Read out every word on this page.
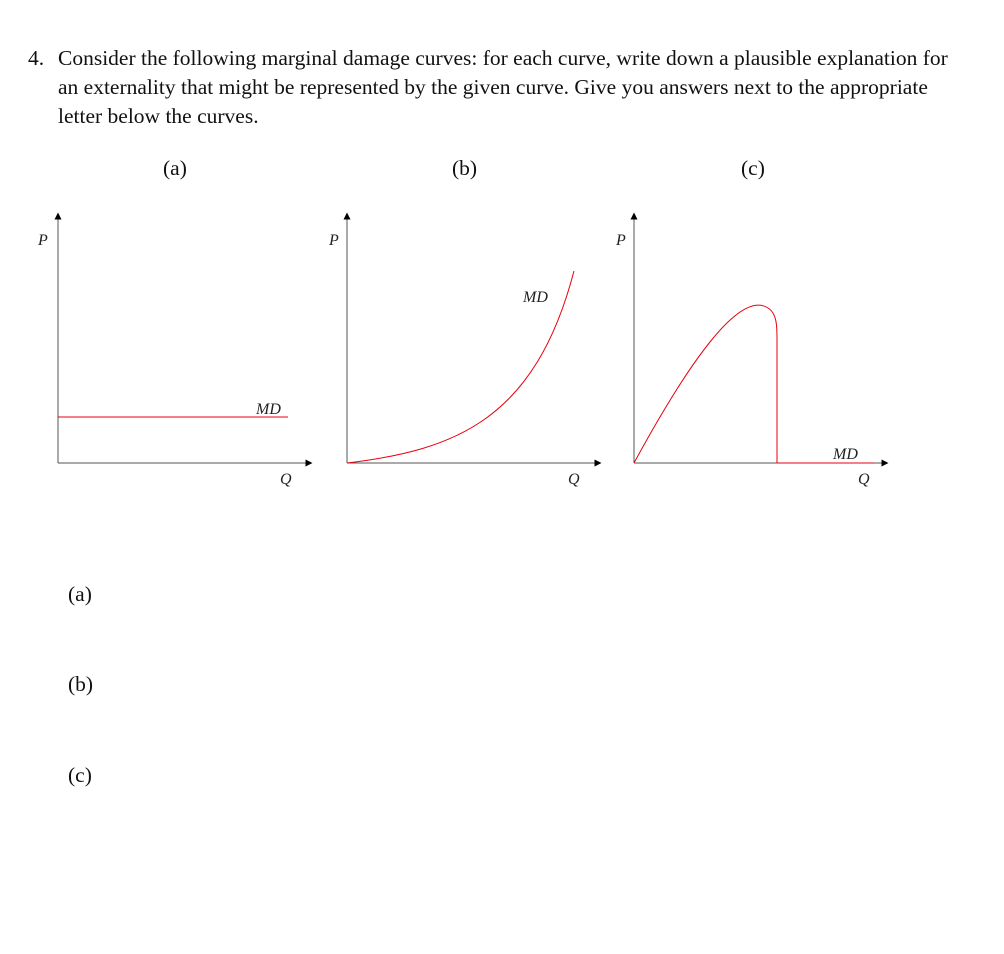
4. Consider the following marginal damage curves: for each curve, write down a plausible explanation for an externality that might be represented by the given curve. Give you answers next to the appropriate letter below the curves.
(a)	(b)	(c)
P
Q
MD
P
Q
MD
P
Q
MD
(a)
(b)
(c)
